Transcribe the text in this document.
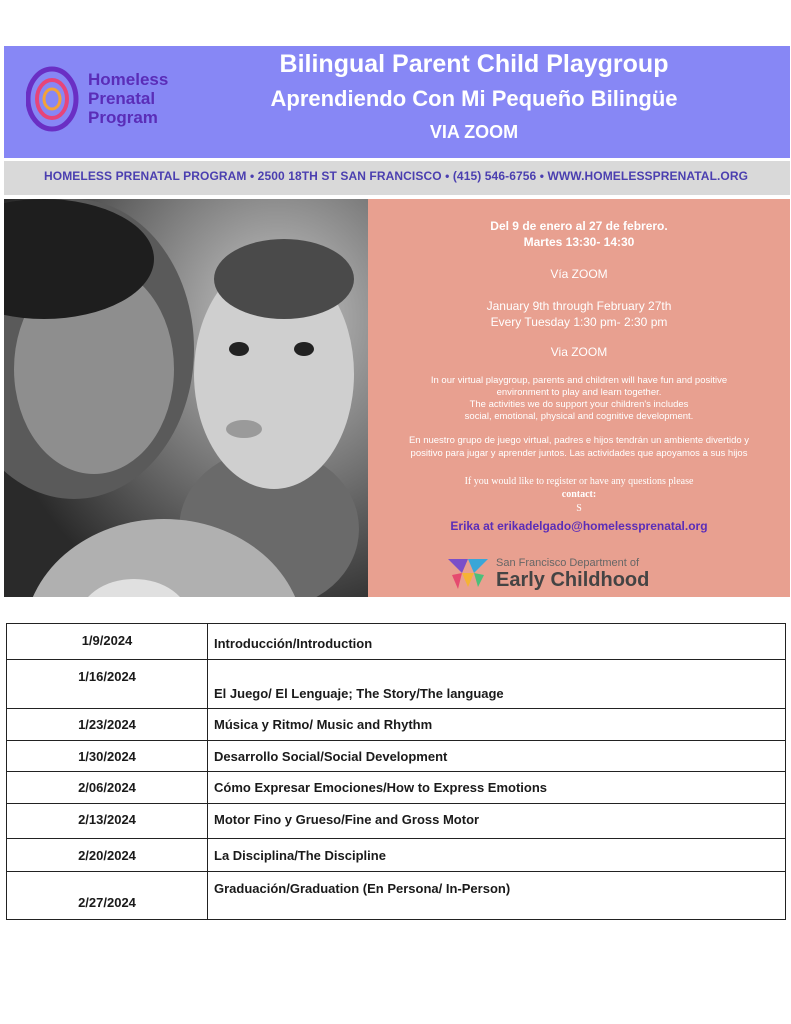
Homeless
Prenatal
Program
Bilingual Parent Child Playgroup
Aprendiendo Con Mi Pequeño Bilingüe
VIA ZOOM
HOMELESS PRENATAL PROGRAM • 2500 18TH ST SAN FRANCISCO • (415) 546-6756 • WWW.HOMELESSPRENATAL.ORG
Del 9 de enero al 27 de febrero.
Martes 13:30- 14:30
Vía ZOOM
January 9th through February 27th
Every Tuesday 1:30 pm- 2:30 pm
Via ZOOM
In our virtual playgroup, parents and children will have fun and positive
environment to play and learn together.
The activities we do support your children's includes
social, emotional, physical and cognitive development.
En nuestro grupo de juego virtual, padres e hijos tendrán un ambiente divertido y
positivo para jugar y aprender juntos. Las actividades que apoyamos a sus hijos
If you would like to register or have any questions please
contact:
S
Erika at erikadelgado@homelessprenatal.org
San Francisco Department of
Early Childhood
1/9/2024	Introducción/Introduction
1/16/2024	El Juego/ El Lenguaje; The Story/The language
1/23/2024	Música y Ritmo/ Music and Rhythm
1/30/2024	Desarrollo Social/Social Development
2/06/2024	Cómo Expresar Emociones/How to Express Emotions
2/13/2024	Motor Fino y Grueso/Fine and Gross Motor
2/20/2024	La Disciplina/The Discipline
2/27/2024	Graduación/Graduation (En Persona/ In-Person)
